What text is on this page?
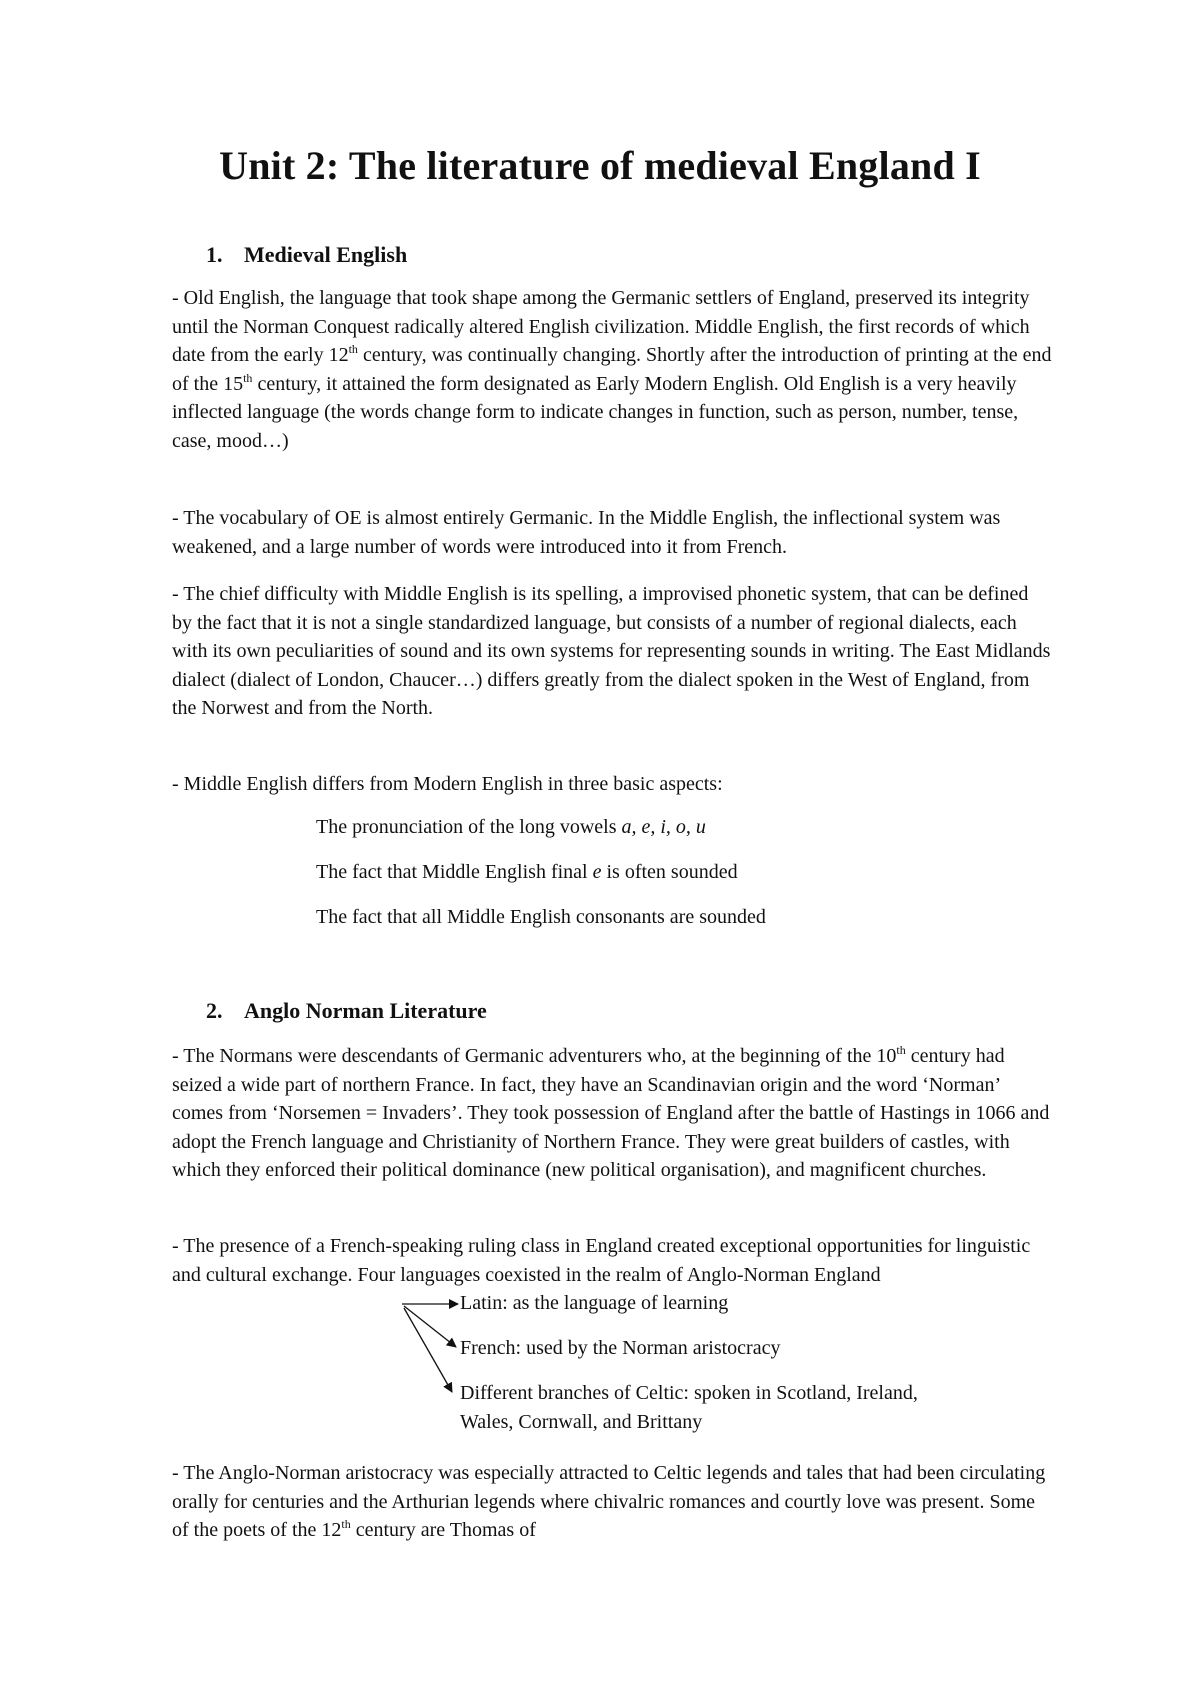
Unit 2: The literature of medieval England I
1. Medieval English

- Old English, the language that took shape among the Germanic settlers of England, preserved its integrity until the Norman Conquest radically altered English civilization. Middle English, the first records of which date from the early 12th century, was continually changing. Shortly after the introduction of printing at the end of the 15th century, it attained the form designated as Early Modern English. Old English is a very heavily inflected language (the words change form to indicate changes in function, such as person, number, tense, case, mood…)

- The vocabulary of OE is almost entirely Germanic. In the Middle English, the inflectional system was weakened, and a large number of words were introduced into it from French.

- The chief difficulty with Middle English is its spelling, a improvised phonetic system, that can be defined by the fact that it is not a single standardized language, but consists of a number of regional dialects, each with its own peculiarities of sound and its own systems for representing sounds in writing. The East Midlands dialect (dialect of London, Chaucer…) differs greatly from the dialect spoken in the West of England, from the Norwest and from the North.

- Middle English differs from Modern English in three basic aspects:

The pronunciation of the long vowels a, e, i, o, u

The fact that Middle English final e is often sounded

The fact that all Middle English consonants are sounded

2. Anglo Norman Literature

- The Normans were descendants of Germanic adventurers who, at the beginning of the 10th century had seized a wide part of northern France. In fact, they have an Scandinavian origin and the word ‘Norman’ comes from ‘Norsemen = Invaders’. They took possession of England after the battle of Hastings in 1066 and adopt the French language and Christianity of Northern France. They were great builders of castles, with which they enforced their political dominance (new political organisation), and magnificent churches.

- The presence of a French-speaking ruling class in England created exceptional opportunities for linguistic and cultural exchange. Four languages coexisted in the realm of Anglo-Norman England

Latin: as the language of learning

French: used by the Norman aristocracy

Different branches of Celtic: spoken in Scotland, Ireland,

Wales, Cornwall, and Brittany

- The Anglo-Norman aristocracy was especially attracted to Celtic legends and tales that had been circulating orally for centuries and the Arthurian legends where chivalric romances and courtly love was present. Some of the poets of the 12th century are Thomas of
